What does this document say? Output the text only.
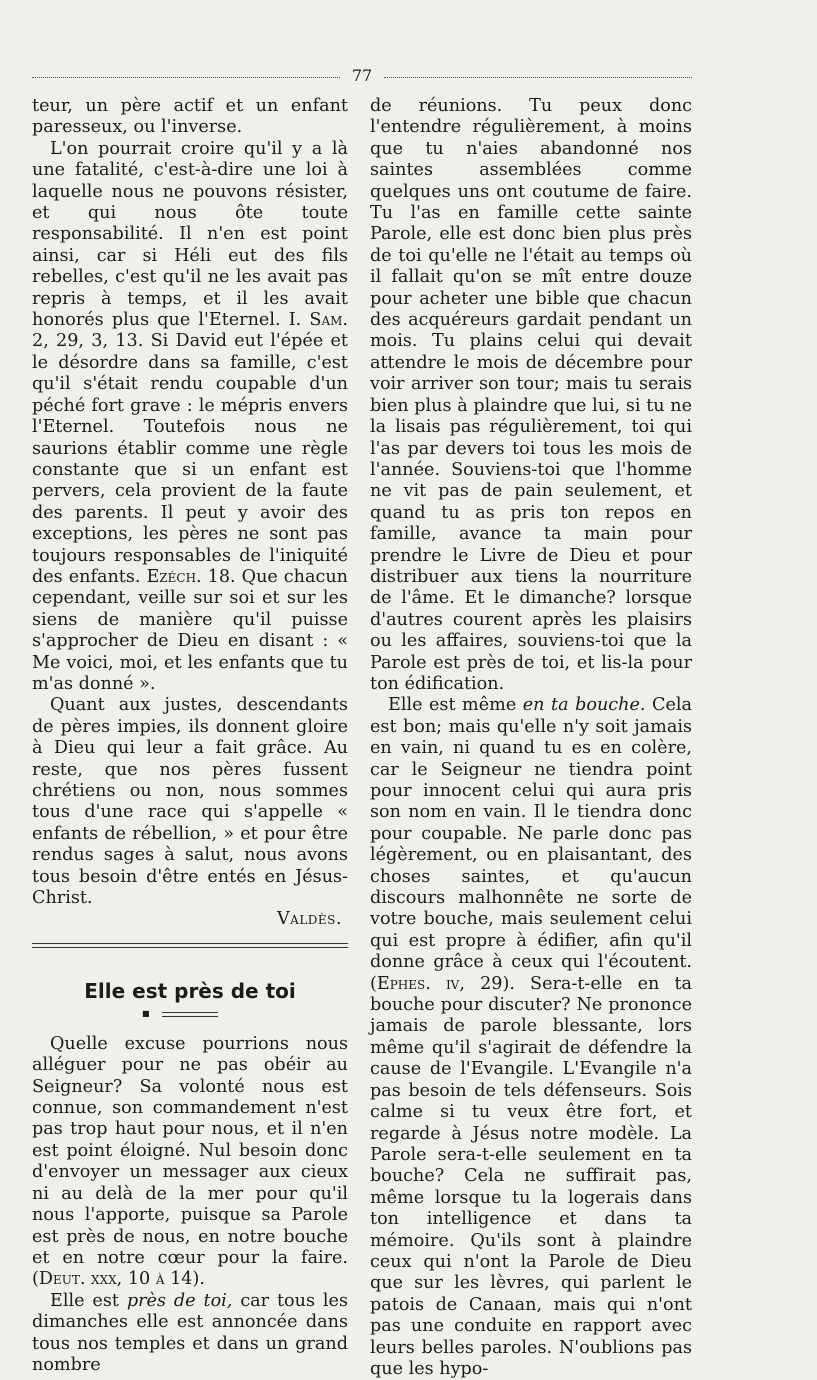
77

teur, un père actif et un enfant paresseux, ou l'inverse.

L'on pourrait croire qu'il y a là une fatalité, c'est-à-dire une loi à laquelle nous ne pouvons résister, et qui nous ôte toute responsabilité. Il n'en est point ainsi, car si Héli eut des fils rebelles, c'est qu'il ne les avait pas repris à temps, et il les avait honorés plus que l'Eternel. I. Sam. 2, 29, 3, 13. Si David eut l'épée et le désordre dans sa famille, c'est qu'il s'était rendu coupable d'un péché fort grave : le mépris envers l'Eternel. Toutefois nous ne saurions établir comme une règle constante que si un enfant est pervers, cela provient de la faute des parents. Il peut y avoir des exceptions, les pères ne sont pas toujours responsables de l'iniquité des enfants. Ezéch. 18. Que chacun cependant, veille sur soi et sur les siens de manière qu'il puisse s'approcher de Dieu en disant : « Me voici, moi, et les enfants que tu m'as donné ».

Quant aux justes, descendants de pères impies, ils donnent gloire à Dieu qui leur a fait grâce. Au reste, que nos pères fussent chrétiens ou non, nous sommes tous d'une race qui s'appelle « enfants de rébellion, » et pour être rendus sages à salut, nous avons tous besoin d'être entés en Jésus-Christ.

Valdès.

Elle est près de toi
■

Quelle excuse pourrions nous alléguer pour ne pas obéir au Seigneur? Sa volonté nous est connue, son commandement n'est pas trop haut pour nous, et il n'en est point éloigné. Nul besoin donc d'envoyer un messager aux cieux ni au delà de la mer pour qu'il nous l'apporte, puisque sa Parole est près de nous, en notre bouche et en notre cœur pour la faire. (Deut. xxx, 10 à 14).

Elle est près de toi, car tous les dimanches elle est annoncée dans tous nos temples et dans un grand nombre

de réunions. Tu peux donc l'entendre régulièrement, à moins que tu n'aies abandonné nos saintes assemblées comme quelques uns ont coutume de faire. Tu l'as en famille cette sainte Parole, elle est donc bien plus près de toi qu'elle ne l'était au temps où il fallait qu'on se mît entre douze pour acheter une bible que chacun des acquéreurs gardait pendant un mois. Tu plains celui qui devait attendre le mois de décembre pour voir arriver son tour; mais tu serais bien plus à plaindre que lui, si tu ne la lisais pas régulièrement, toi qui l'as par devers toi tous les mois de l'année. Souviens-toi que l'homme ne vit pas de pain seulement, et quand tu as pris ton repos en famille, avance ta main pour prendre le Livre de Dieu et pour distribuer aux tiens la nourriture de l'âme. Et le dimanche? lorsque d'autres courent après les plaisirs ou les affaires, souviens-toi que la Parole est près de toi, et lis-la pour ton édification.

Elle est même en ta bouche. Cela est bon; mais qu'elle n'y soit jamais en vain, ni quand tu es en colère, car le Seigneur ne tiendra point pour innocent celui qui aura pris son nom en vain. Il le tiendra donc pour coupable. Ne parle donc pas légèrement, ou en plaisantant, des choses saintes, et qu'aucun discours malhonnête ne sorte de votre bouche, mais seulement celui qui est propre à édifier, afin qu'il donne grâce à ceux qui l'écoutent. (Ephes. iv, 29). Sera-t-elle en ta bouche pour discuter? Ne prononce jamais de parole blessante, lors même qu'il s'agirait de défendre la cause de l'Evangile. L'Evangile n'a pas besoin de tels défenseurs. Sois calme si tu veux être fort, et regarde à Jésus notre modèle. La Parole sera-t-elle seulement en ta bouche? Cela ne suffirait pas, même lorsque tu la logerais dans ton intelligence et dans ta mémoire. Qu'ils sont à plaindre ceux qui n'ont la Parole de Dieu que sur les lèvres, qui parlent le patois de Canaan, mais qui n'ont pas une conduite en rapport avec leurs belles paroles. N'oublions pas que les hypo-
